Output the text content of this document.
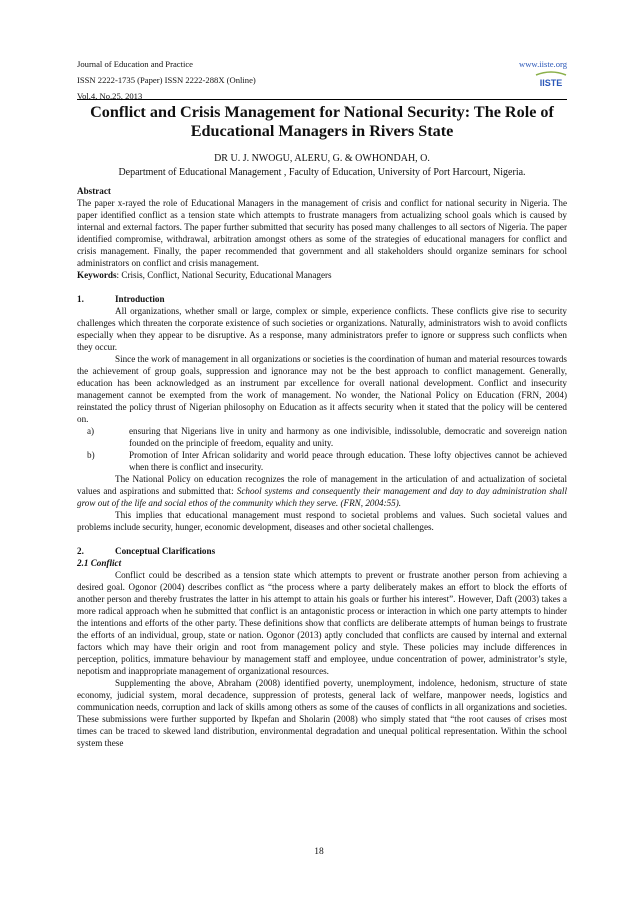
Journal of Education and Practice	www.iiste.org
ISSN 2222-1735 (Paper) ISSN 2222-288X (Online)
Vol.4, No.25, 2013
IISTE
Conflict and Crisis Management for National Security: The Role of Educational Managers in Rivers State
DR U. J. NWOGU, ALERU, G. & OWHONDAH, O.
Department of Educational Management , Faculty of Education, University of Port Harcourt, Nigeria.

Abstract

The paper x-rayed the role of Educational Managers in the management of crisis and conflict for national security in Nigeria. The paper identified conflict as a tension state which attempts to frustrate managers from actualizing school goals which is caused by internal and external factors. The paper further submitted that security has posed many challenges to all sectors of Nigeria. The paper identified compromise, withdrawal, arbitration amongst others as some of the strategies of educational managers for conflict and crisis management. Finally, the paper recommended that government and all stakeholders should organize seminars for school administrators on conflict and crisis management.

Keywords: Crisis, Conflict, National Security, Educational Managers

1.	Introduction

All organizations, whether small or large, complex or simple, experience conflicts. These conflicts give rise to security challenges which threaten the corporate existence of such societies or organizations. Naturally, administrators wish to avoid conflicts especially when they appear to be disruptive. As a response, many administrators prefer to ignore or suppress such conflicts when they occur.

Since the work of management in all organizations or societies is the coordination of human and material resources towards the achievement of group goals, suppression and ignorance may not be the best approach to conflict management. Generally, education has been acknowledged as an instrument par excellence for overall national development. Conflict and insecurity management cannot be exempted from the work of management. No wonder, the National Policy on Education (FRN, 2004) reinstated the policy thrust of Nigerian philosophy on Education as it affects security when it stated that the policy will be centered on.

a)	ensuring that Nigerians live in unity and harmony as one indivisible, indissoluble, democratic and sovereign nation founded on the principle of freedom, equality and unity.

b)	Promotion of Inter African solidarity and world peace through education. These lofty objectives cannot be achieved when there is conflict and insecurity.

The National Policy on education recognizes the role of management in the articulation of and actualization of societal values and aspirations and submitted that: School systems and consequently their management and day to day administration shall grow out of the life and social ethos of the community which they serve. (FRN, 2004:55).

This implies that educational management must respond to societal problems and values. Such societal values and problems include security, hunger, economic development, diseases and other societal challenges.

2.	Conceptual Clarifications

2.1 Conflict

Conflict could be described as a tension state which attempts to prevent or frustrate another person from achieving a desired goal. Ogonor (2004) describes conflict as “the process where a party deliberately makes an effort to block the efforts of another person and thereby frustrates the latter in his attempt to attain his goals or further his interest”. However, Daft (2003) takes a more radical approach when he submitted that conflict is an antagonistic process or interaction in which one party attempts to hinder the intentions and efforts of the other party. These definitions show that conflicts are deliberate attempts of human beings to frustrate the efforts of an individual, group, state or nation. Ogonor (2013) aptly concluded that conflicts are caused by internal and external factors which may have their origin and root from management policy and style. These policies may include differences in perception, politics, immature behaviour by management staff and employee, undue concentration of power, administrator’s style, nepotism and inappropriate management of organizational resources.

Supplementing the above, Abraham (2008) identified poverty, unemployment, indolence, hedonism, structure of state economy, judicial system, moral decadence, suppression of protests, general lack of welfare, manpower needs, logistics and communication needs, corruption and lack of skills among others as some of the causes of conflicts in all organizations and societies. These submissions were further supported by Ikpefan and Sholarin (2008) who simply stated that “the root causes of crises most times can be traced to skewed land distribution, environmental degradation and unequal political representation. Within the school system these

18
